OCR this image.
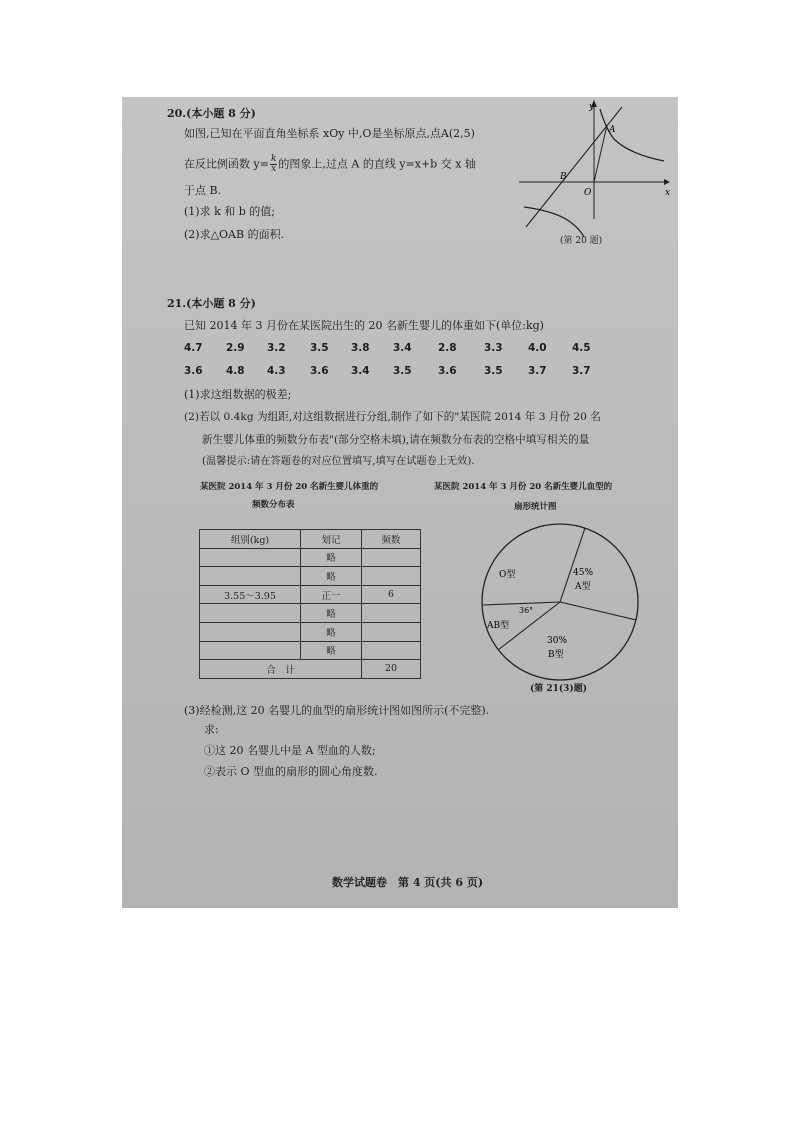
20.(本小题 8 分)
如图,已知在平面直角坐标系 xOy 中,O是坐标原点,点A(2,5)
在反比例函数 $y= \frac{k}{x}$ 的图象上,过点 A 的直线 y=x+b 交 x 轴
于点 B.
(1)求 k 和 b 的值;
(2)求△OAB 的面积.
y
x
A
B
O
(第 20 题)
21.(本小题 8 分)
已知 2014 年 3 月份在某医院出生的 20 名新生婴儿的体重如下(单位:kg)
4.7 2.9 3.2 3.5 3.8 3.4	2.8	3.3 4.0 4.5
3.6 4.8 4.3 3.6 3.4 3.5	3.6	3.5 3.7 3.7
(1)求这组数据的极差;
(2)若以 0.4kg 为组距,对这组数据进行分组,制作了如下的"某医院 2014 年 3 月份 20 名
新生婴儿体重的频数分布表"(部分空格未填),请在频数分布表的空格中填写相关的量
(温馨提示:请在答题卷的对应位置填写,填写在试题卷上无效).
某医院 2014 年 3 月份 20 名新生婴儿体重的
频数分布表
某医院 2014 年 3 月份 20 名新生婴儿血型的
扇形统计图
组别(kg)	划记	频数
	略	
	略	
3.55～3.95	正一	6
	略	
	略	
	略	
合　计		20
O型	45%
A型
36°
AB型
30%
B型
(第 21(3)题)
(3)经检测,这 20 名婴儿的血型的扇形统计图如图所示(不完整).
求:
①这 20 名婴儿中是 A 型血的人数;
②表示 O 型血的扇形的圆心角度数.
数学试题卷　第 4 页(共 6 页)
